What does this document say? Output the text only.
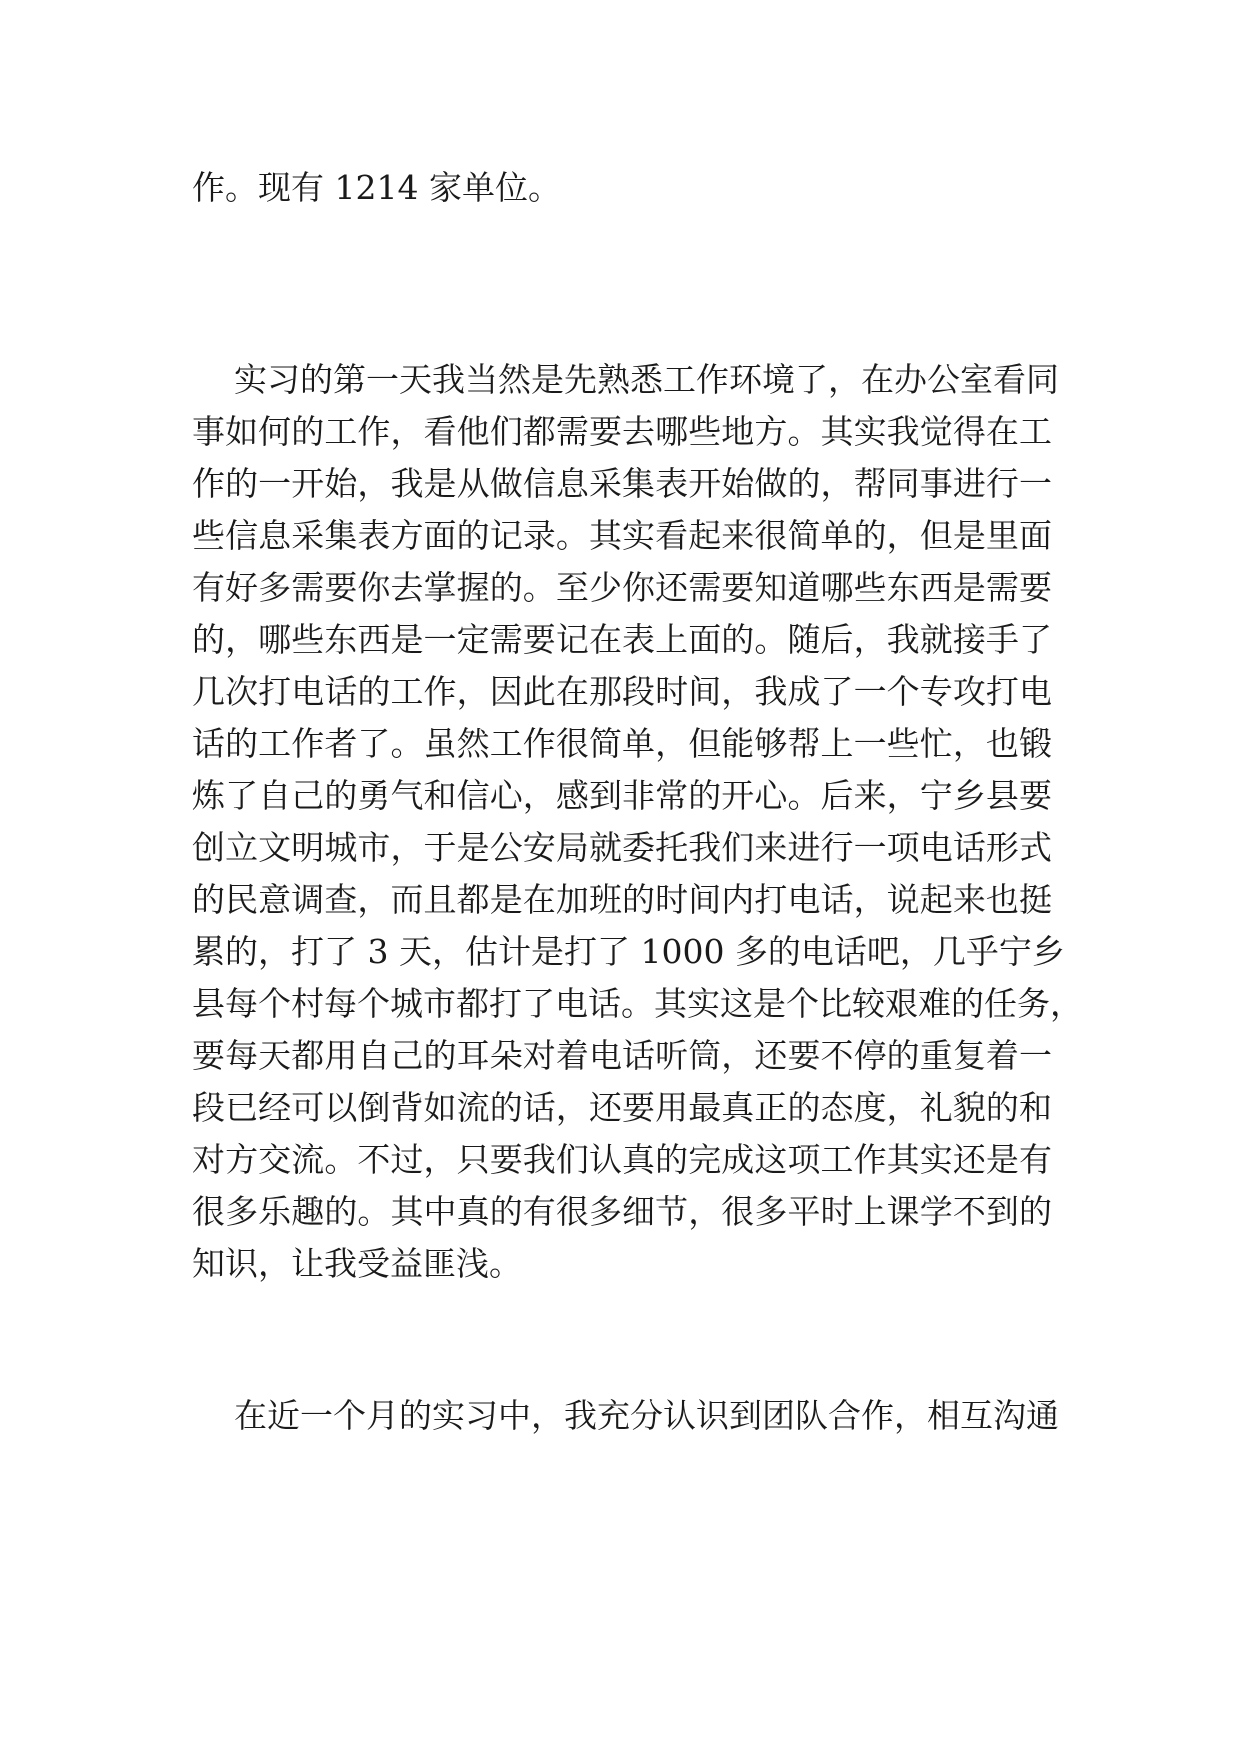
作。现有 1214 家单位。
实习的第一天我当然是先熟悉工作环境了，在办公室看同
事如何的工作，看他们都需要去哪些地方。其实我觉得在工
作的一开始，我是从做信息采集表开始做的，帮同事进行一
些信息采集表方面的记录。其实看起来很简单的，但是里面
有好多需要你去掌握的。至少你还需要知道哪些东西是需要
的，哪些东西是一定需要记在表上面的。随后，我就接手了
几次打电话的工作，因此在那段时间，我成了一个专攻打电
话的工作者了。虽然工作很简单，但能够帮上一些忙，也锻
炼了自己的勇气和信心，感到非常的开心。后来，宁乡县要
创立文明城市，于是公安局就委托我们来进行一项电话形式
的民意调查，而且都是在加班的时间内打电话，说起来也挺
累的，打了 3 天，估计是打了 1000 多的电话吧，几乎宁乡
县每个村每个城市都打了电话。其实这是个比较艰难的任务，
要每天都用自己的耳朵对着电话听筒，还要不停的重复着一
段已经可以倒背如流的话，还要用最真正的态度，礼貌的和
对方交流。不过，只要我们认真的完成这项工作其实还是有
很多乐趣的。其中真的有很多细节，很多平时上课学不到的
知识，让我受益匪浅。
在近一个月的实习中，我充分认识到团队合作，相互沟通
